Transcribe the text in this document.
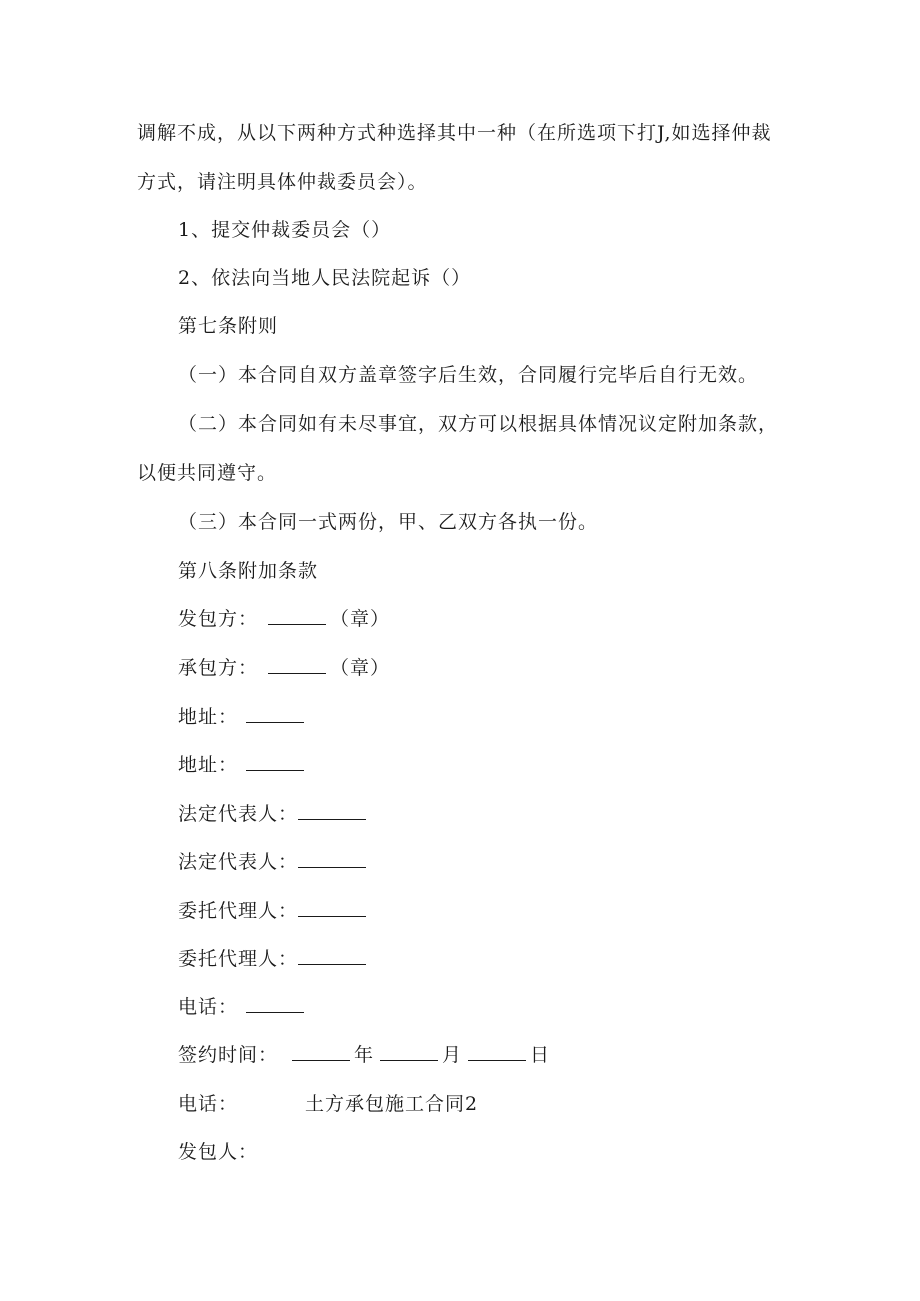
调解不成，从以下两种方式种选择其中一种（在所选项下打J,如选择仲裁
方式，请注明具体仲裁委员会）。
1、提交仲裁委员会（）
2、依法向当地人民法院起诉（）
第七条附则
（一）本合同自双方盖章签字后生效，合同履行完毕后自行无效。
（二）本合同如有未尽事宜，双方可以根据具体情况议定附加条款，
以便共同遵守。
（三）本合同一式两份，甲、乙双方各执一份。
第八条附加条款
发包方：	（章）
承包方：	（章）
地址：
地址：
法定代表人：
法定代表人：
委托代理人：
委托代理人：
电话：
签约时间：	年	月	日
电话：	土方承包施工合同2
发包人：
